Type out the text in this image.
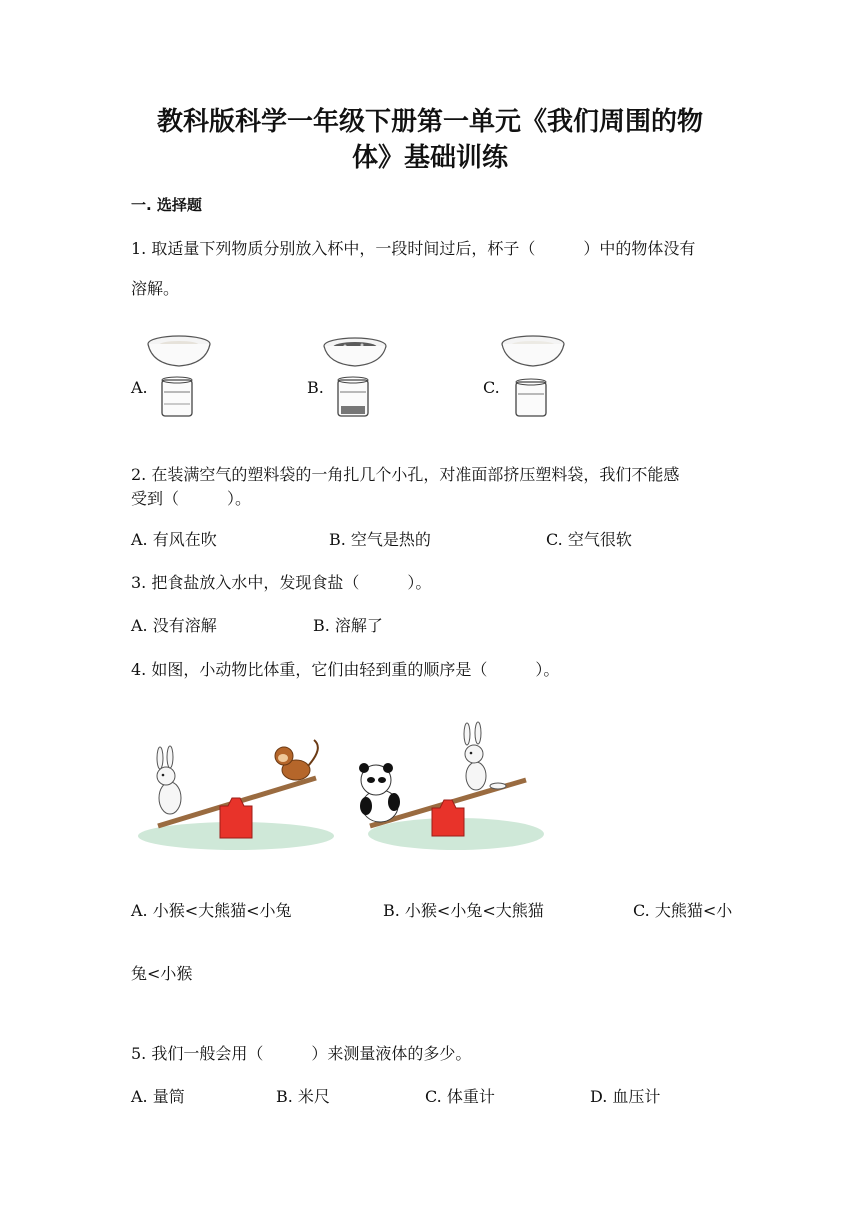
教科版科学一年级下册第一单元《我们周围的物
体》基础训练
一. 选择题
1. 取适量下列物质分别放入杯中，一段时间过后，杯子（　　　）中的物体没有
溶解。
A.	B.	C.
2. 在装满空气的塑料袋的一角扎几个小孔，对准面部挤压塑料袋，我们不能感
受到（　　　）。
A. 有风在吹	B. 空气是热的	C. 空气很软
3. 把食盐放入水中，发现食盐（　　　）。
A. 没有溶解	B. 溶解了
4. 如图，小动物比体重，它们由轻到重的顺序是（　　　）。
A. 小猴<大熊猫<小兔	B. 小猴<小兔<大熊猫	C. 大熊猫<小
兔<小猴
5. 我们一般会用（　　　）来测量液体的多少。
A. 量筒	B. 米尺	C. 体重计	D. 血压计
